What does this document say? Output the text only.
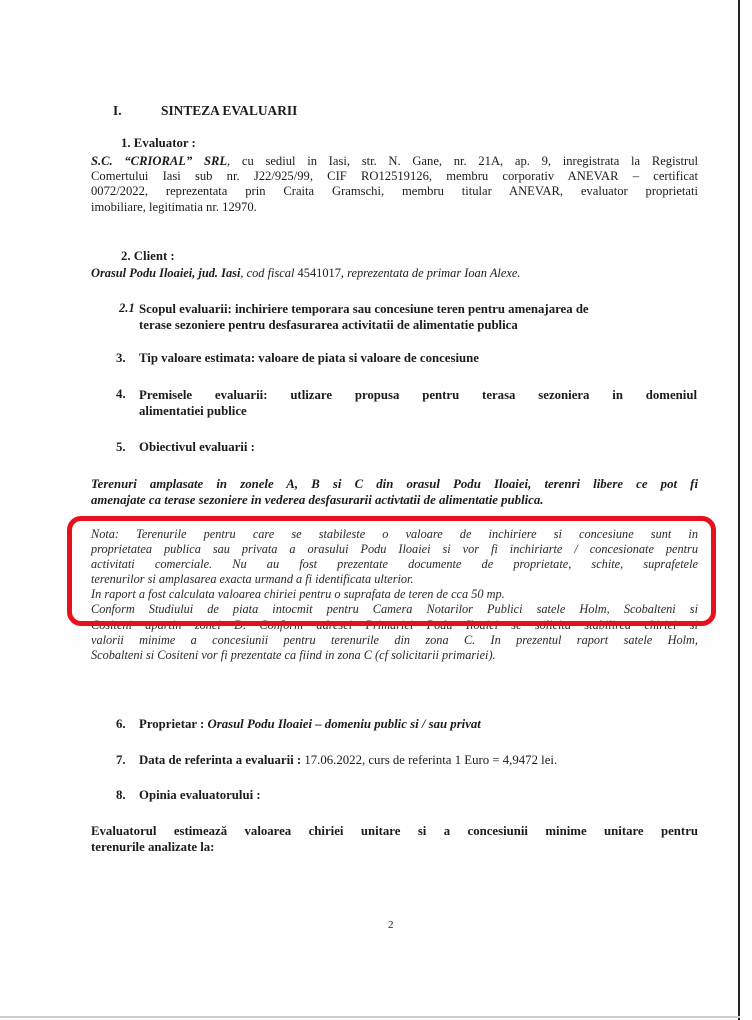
I.	SINTEZA EVALUARII
1. Evaluator :
S.C. “CRIORAL” SRL, cu sediul in Iasi, str. N. Gane, nr. 21A, ap. 9, inregistrata la Registrul
Comertului Iasi sub nr. J22/925/99, CIF RO12519126, membru corporativ ANEVAR – certificat
0072/2022, reprezentata prin Craita Gramschi, membru titular ANEVAR, evaluator proprietati
imobiliare, legitimatia nr. 12970.
2. Client :
Orasul Podu Iloaiei, jud. Iasi, cod fiscal 4541017, reprezentata de primar Ioan Alexe.
2.1 Scopul evaluarii: inchiriere temporara sau concesiune teren pentru amenajarea de
terase sezoniere pentru desfasurarea activitatii de alimentatie publica
3. Tip valoare estimata: valoare de piata si valoare de concesiune
4. Premisele evaluarii: utlizare propusa pentru terasa sezoniera in domeniul
alimentatiei publice
5. Obiectivul evaluarii :
Terenuri amplasate in zonele A, B si C din orasul Podu Iloaiei, terenri libere ce pot fi
amenajate ca terase sezoniere in vederea desfasurarii activtatii de alimentatie publica.
Nota: Terenurile pentru care se stabileste o valoare de inchiriere si concesiune sunt in
proprietatea publica sau privata a orasului Podu Iloaiei si vor fi inchiriarte / concesionate pentru
activitati comerciale. Nu au fost prezentate documente de proprietate, schite, suprafetele
terenurilor si amplasarea exacta urmand a fi identificata ulterior.
In raport a fost calculata valoarea chiriei pentru o suprafata de teren de cca 50 mp.
Conform Studiului de piata intocmit pentru Camera Notarilor Publici satele Holm, Scobalteni si
Cositeni apartin zonei D. Conform adresei Primariei Podu Iloaiei se solicita stabilirea chiriei si
valorii minime a concesiunii pentru terenurile din zona C. In prezentul raport satele Holm,
Scobalteni si Cositeni vor fi prezentate ca fiind in zona C (cf solicitarii primariei).
6. Proprietar : Orasul Podu Iloaiei – domeniu public si / sau privat
7. Data de referinta a evaluarii : 17.06.2022, curs de referinta 1 Euro = 4,9472 lei.
8. Opinia evaluatorului :
Evaluatorul estimează valoarea chiriei unitare si a concesiunii minime unitare pentru
terenurile analizate la:
2
